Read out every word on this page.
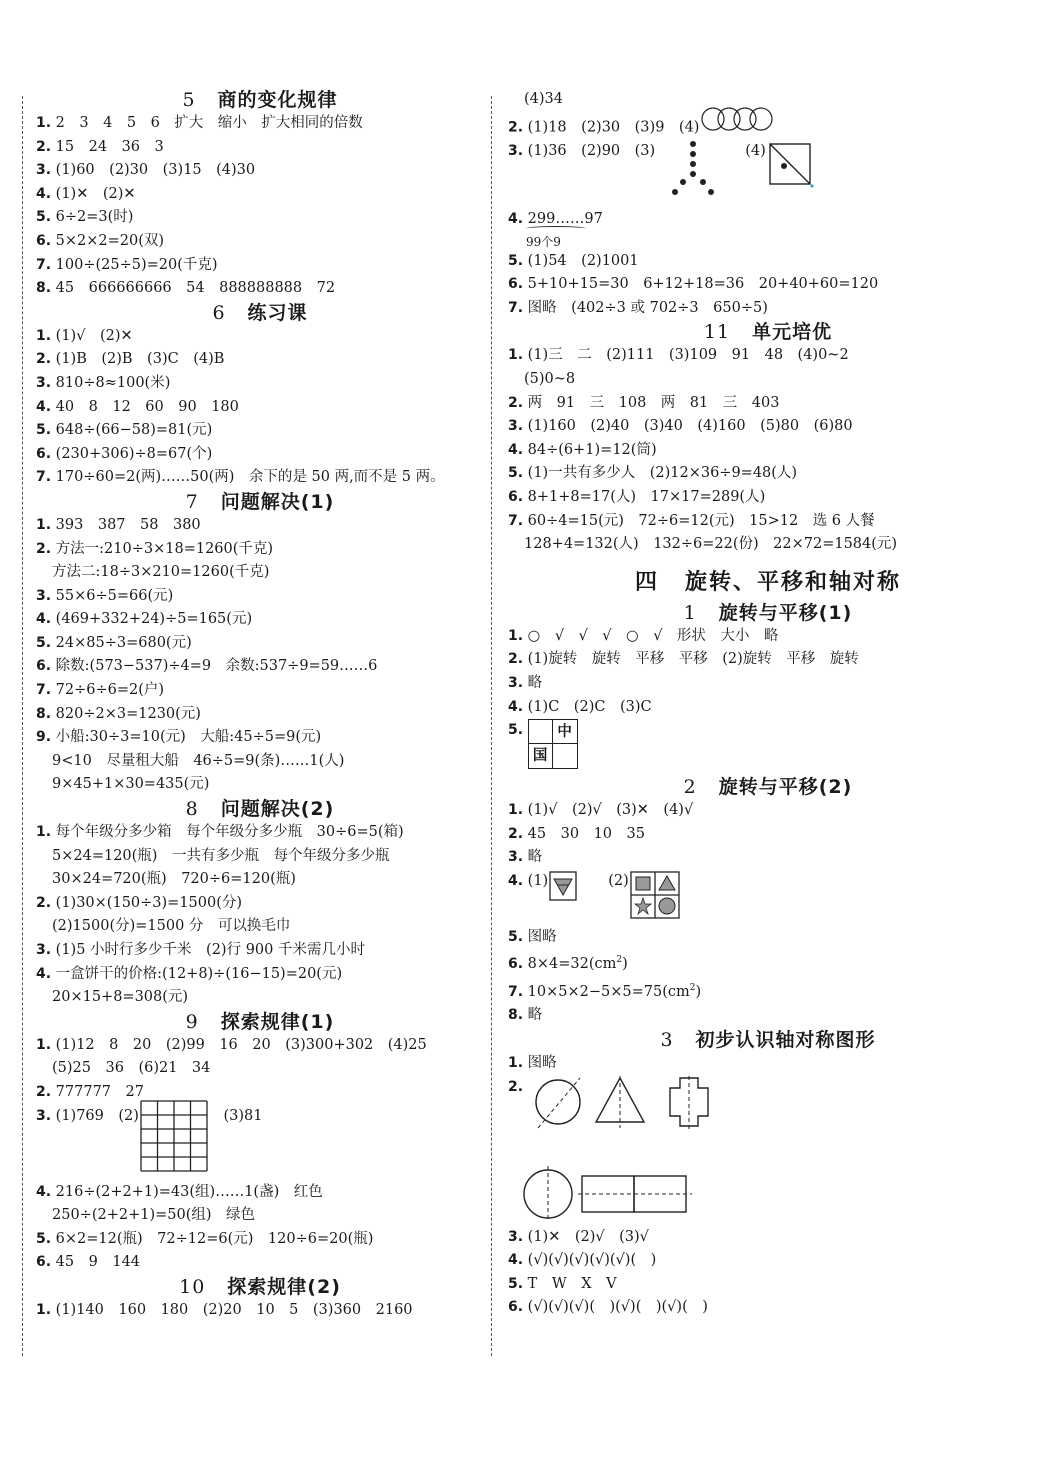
5 商的变化规律
1. 2　3　4　5　6　扩大　缩小　扩大相同的倍数
2. 15　24　36　3
3. (1)60　(2)30　(3)15　(4)30
4. (1)✕　(2)✕
5. 6÷2=3(时)
6. 5×2×2=20(双)
7. 100÷(25÷5)=20(千克)
8. 45　666666666　54　888888888　72
6 练习课
1. (1)√　(2)✕
2. (1)B　(2)B　(3)C　(4)B
3. 810÷8≈100(米)
4. 40　8　12　60　90　180
5. 648÷(66−58)=81(元)
6. (230+306)÷8=67(个)
7. 170÷60=2(两)……50(两)　余下的是 50 两,而不是 5 两。
7 问题解决(1)
1. 393　387　58　380
2. 方法一:210÷3×18=1260(千克)
方法二:18÷3×210=1260(千克)
3. 55×6÷5=66(元)
4. (469+332+24)÷5=165(元)
5. 24×85÷3=680(元)
6. 除数:(573−537)÷4=9　余数:537÷9=59……6
7. 72÷6÷6=2(户)
8. 820÷2×3=1230(元)
9. 小船:30÷3=10(元)　大船:45÷5=9(元)
9<10　尽量租大船　46÷5=9(条)……1(人)
9×45+1×30=435(元)
8 问题解决(2)
1. 每个年级分多少箱　每个年级分多少瓶　30÷6=5(箱)
5×24=120(瓶)　一共有多少瓶　每个年级分多少瓶
30×24=720(瓶)　720÷6=120(瓶)
2. (1)30×(150÷3)=1500(分)
(2)1500(分)=1500 分　可以换毛巾
3. (1)5 小时行多少千米　(2)行 900 千米需几小时
4. 一盒饼干的价格:(12+8)÷(16−15)=20(元)
20×15+8=308(元)
9 探索规律(1)
1. (1)12　8　20　(2)99　16　20　(3)300+302　(4)25
(5)25　36　(6)21　34
2. 777777　27
3. (1)769　(2)　	(3)81
4. 216÷(2+2+1)=43(组)……1(盏)　红色
250÷(2+2+1)=50(组)　绿色
5. 6×2=12(瓶)　72÷12=6(元)　120÷6=20(瓶)
6. 45　9　144
10 探索规律(2)
1. (1)140　160　180　(2)20　10　5　(3)360　2160
(4)34
2. (1)18　(2)30　(3)9　(4)
3. (1)36　(2)90　(3)	(4)
4. 299……97
99个9
5. (1)54　(2)1001
6. 5+10+15=30　6+12+18=36　20+40+60=120
7. 图略　(402÷3 或 702÷3　650÷5)
11 单元培优
1. (1)三　二　(2)111　(3)109　91　48　(4)0~2
(5)0~8
2. 两　91　三　108　两　81　三　403
3. (1)160　(2)40　(3)40　(4)160　(5)80　(6)80
4. 84÷(6+1)=12(筒)
5. (1)一共有多少人　(2)12×36÷9=48(人)
6. 8+1+8=17(人)　17×17=289(人)
7. 60÷4=15(元)　72÷6=12(元)　15>12　选 6 人餐
128+4=132(人)　132÷6=22(份)　22×72=1584(元)
四 旋转、平移和轴对称
1 旋转与平移(1)
1. ○　√　√　√　○　√　形状　大小　略
2. (1)旋转　旋转　平移　平移　(2)旋转　平移　旋转
3. 略
4. (1)C　(2)C　(3)C
5.	中
国
2 旋转与平移(2)
1. (1)√　(2)√　(3)✕　(4)√
2. 45　30　10　35
3. 略
4. (1)	(2)
5. 图略
6. $8\times 4=32(cm^2)$
7. $10\times 5\times 2-5\times 5=75(cm^2)$
8. 略
3 初步认识轴对称图形
1. 图略
2.
3. (1)✕　(2)√　(3)√
4. (√)(√)(√)(√)(√)(　)
5. T　W　X　V
6. (√)(√)(√)(　)(√)(　)(√)(　)
